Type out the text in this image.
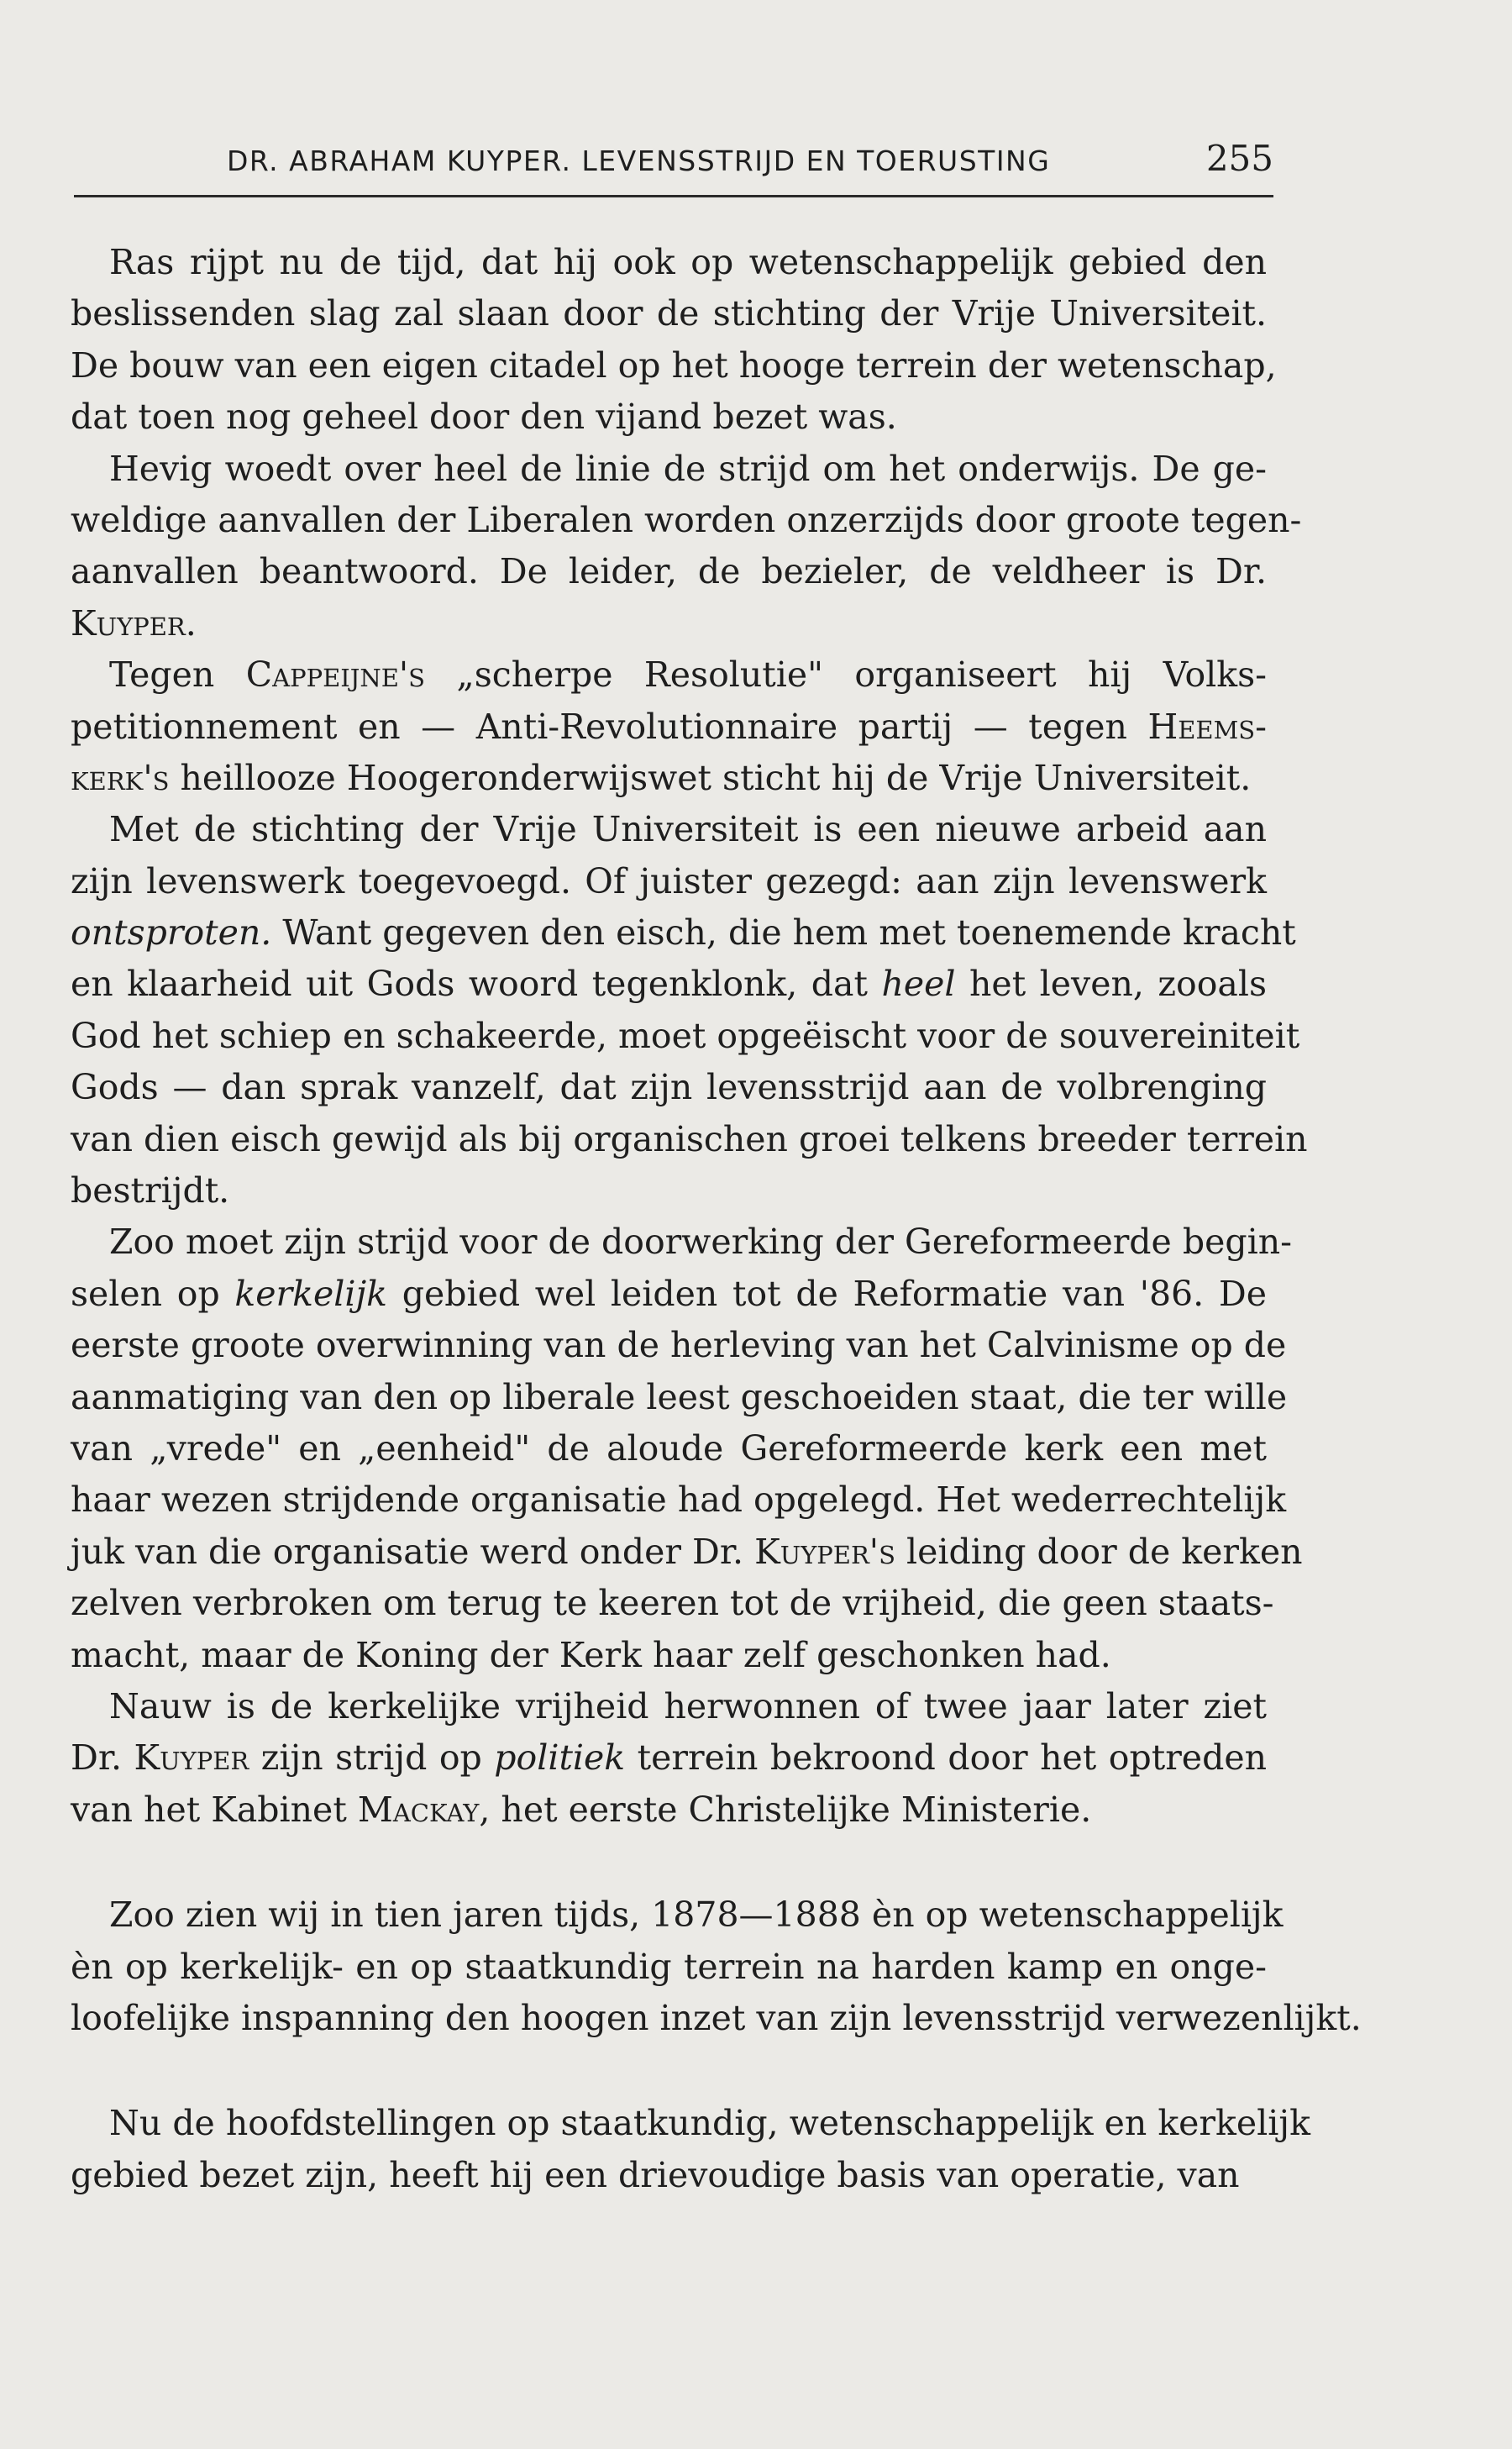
DR. ABRAHAM KUYPER. LEVENSSTRIJD EN TOERUSTING	255
Ras rijpt nu de tijd, dat hij ook op wetenschappelijk gebied den
beslissenden slag zal slaan door de stichting der Vrije Universiteit.
De bouw van een eigen citadel op het hooge terrein der wetenschap,
dat toen nog geheel door den vijand bezet was.
Hevig woedt over heel de linie de strijd om het onderwijs. De ge-
weldige aanvallen der Liberalen worden onzerzijds door groote tegen-
aanvallen beantwoord. De leider, de bezieler, de veldheer is Dr.
Kuyper.
Tegen Cappeijne's „scherpe Resolutie" organiseert hij Volks-
petitionnement en — Anti-Revolutionnaire partij — tegen Heems-
kerk's heillooze Hoogeronderwijswet sticht hij de Vrije Universiteit.
Met de stichting der Vrije Universiteit is een nieuwe arbeid aan
zijn levenswerk toegevoegd. Of juister gezegd: aan zijn levenswerk
ontsproten. Want gegeven den eisch, die hem met toenemende kracht
en klaarheid uit Gods woord tegenklonk, dat heel het leven, zooals
God het schiep en schakeerde, moet opgeëischt voor de souvereiniteit
Gods — dan sprak vanzelf, dat zijn levensstrijd aan de volbrenging
van dien eisch gewijd als bij organischen groei telkens breeder terrein
bestrijdt.
Zoo moet zijn strijd voor de doorwerking der Gereformeerde begin-
selen op kerkelijk gebied wel leiden tot de Reformatie van '86. De
eerste groote overwinning van de herleving van het Calvinisme op de
aanmatiging van den op liberale leest geschoeiden staat, die ter wille
van „vrede" en „eenheid" de aloude Gereformeerde kerk een met
haar wezen strijdende organisatie had opgelegd. Het wederrechtelijk
juk van die organisatie werd onder Dr. Kuyper's leiding door de kerken
zelven verbroken om terug te keeren tot de vrijheid, die geen staats-
macht, maar de Koning der Kerk haar zelf geschonken had.
Nauw is de kerkelijke vrijheid herwonnen of twee jaar later ziet
Dr. Kuyper zijn strijd op politiek terrein bekroond door het optreden
van het Kabinet Mackay, het eerste Christelijke Ministerie.
Zoo zien wij in tien jaren tijds, 1878—1888 èn op wetenschappelijk
èn op kerkelijk- en op staatkundig terrein na harden kamp en onge-
loofelijke inspanning den hoogen inzet van zijn levensstrijd verwezenlijkt.
Nu de hoofdstellingen op staatkundig, wetenschappelijk en kerkelijk
gebied bezet zijn, heeft hij een drievoudige basis van operatie, van
